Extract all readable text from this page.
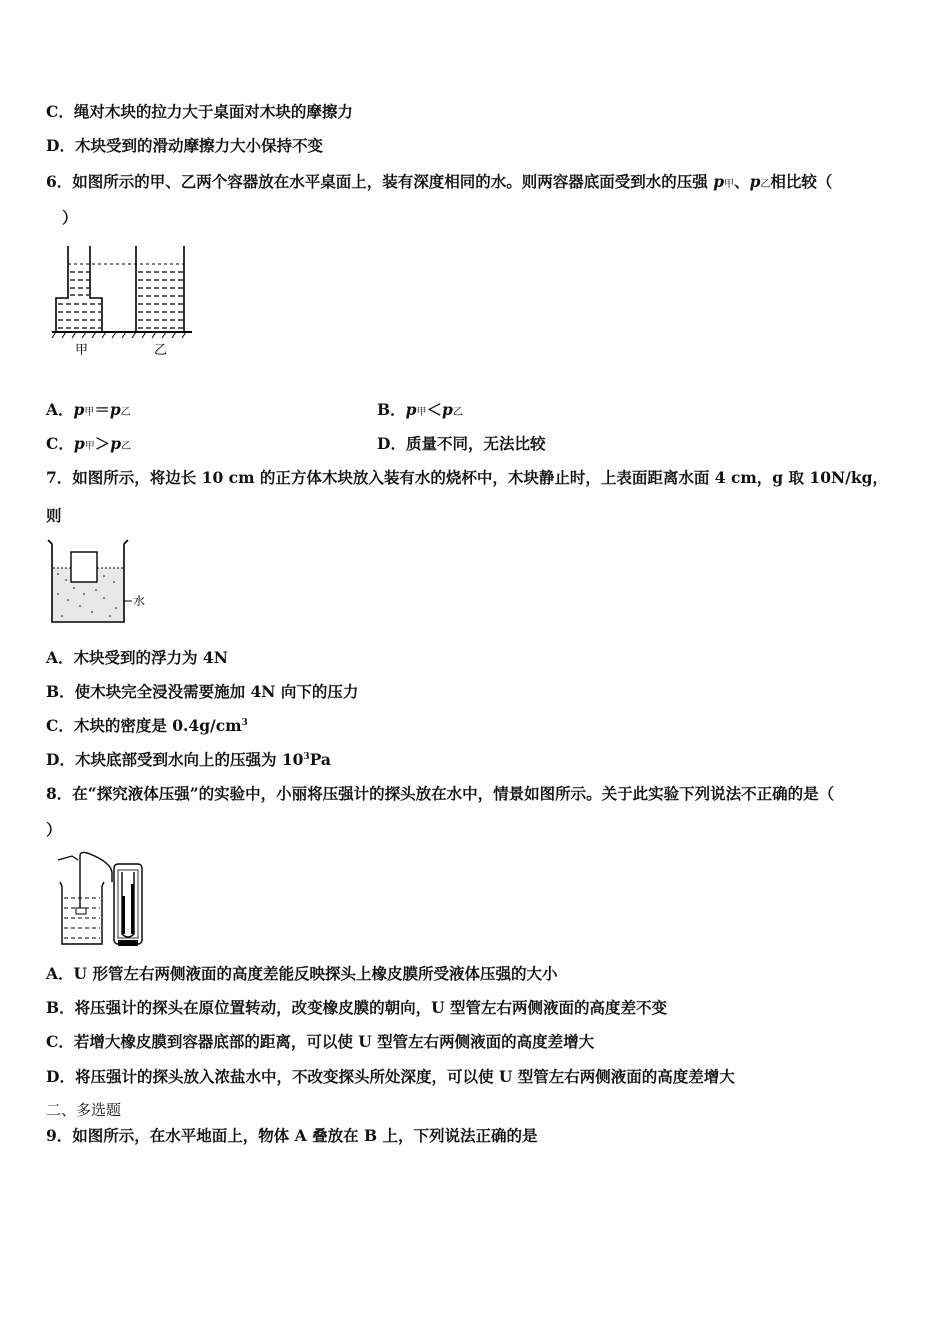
C．绳对木块的拉力大于桌面对木块的摩擦力
D．木块受到的滑动摩擦力大小保持不变
6．如图所示的甲、乙两个容器放在水平桌面上，装有深度相同的水。则两容器底面受到水的压强 p甲、p乙相比较（
）
甲	乙
A．p甲＝p乙	B．p甲＜p乙
C．p甲＞p乙	D．质量不同，无法比较
7．如图所示，将边长 10 cm 的正方体木块放入装有水的烧杯中，木块静止时，上表面距离水面 4 cm，g 取 10N/kg，
则
水
A．木块受到的浮力为 4N
B．使木块完全浸没需要施加 4N 向下的压力
C．木块的密度是 $0.4g/cm^3$
D．木块底部受到水向上的压强为 $10^3Pa$
8．在“探究液体压强”的实验中，小丽将压强计的探头放在水中，情景如图所示。关于此实验下列说法不正确的是（
）
A．U 形管左右两侧液面的高度差能反映探头上橡皮膜所受液体压强的大小
B．将压强计的探头在原位置转动，改变橡皮膜的朝向，U 型管左右两侧液面的高度差不变
C．若增大橡皮膜到容器底部的距离，可以使 U 型管左右两侧液面的高度差增大
D．将压强计的探头放入浓盐水中，不改变探头所处深度，可以使 U 型管左右两侧液面的高度差增大
二、多选题
9．如图所示，在水平地面上，物体 A 叠放在 B 上，下列说法正确的是
